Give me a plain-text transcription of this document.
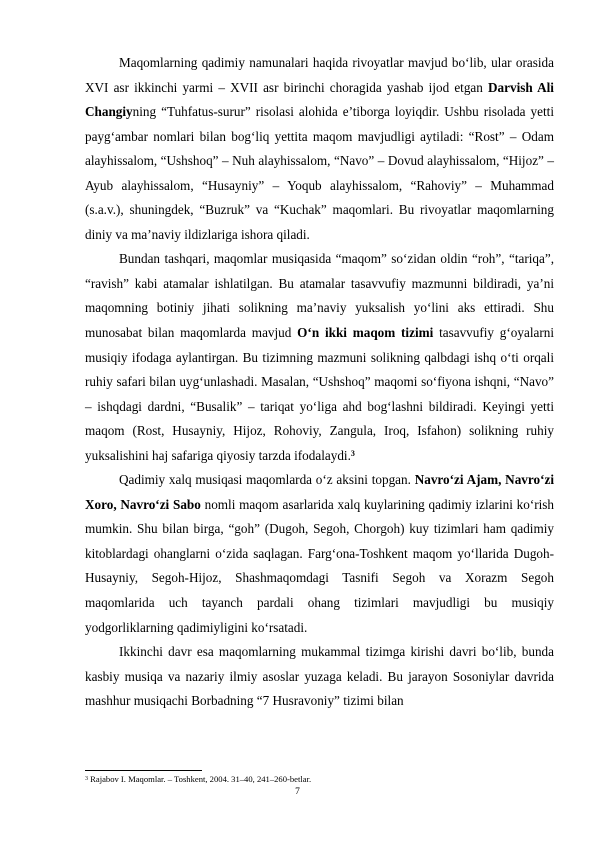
Maqomlarning qadimiy namunalari haqida rivoyatlar mavjud bo‘lib, ular orasida XVI asr ikkinchi yarmi – XVII asr birinchi choragida yashab ijod etgan Darvish Ali Changiyning “Tuhfatus-surur” risolasi alohida e’tiborga loyiqdir. Ushbu risolada yetti payg‘ambar nomlari bilan bog‘liq yettita maqom mavjudligi aytiladi: “Rost” – Odam alayhissalom, “Ushshoq” – Nuh alayhissalom, “Navo” – Dovud alayhissalom, “Hijoz” – Ayub alayhissalom, “Husayniy” – Yoqub alayhissalom, “Rahoviy” – Muhammad (s.a.v.), shuningdek, “Buzruk” va “Kuchak” maqomlari. Bu rivoyatlar maqomlarning diniy va ma’naviy ildizlariga ishora qiladi.

Bundan tashqari, maqomlar musiqasida “maqom” so‘zidan oldin “roh”, “tariqa”, “ravish” kabi atamalar ishlatilgan. Bu atamalar tasavvufiy mazmunni bildiradi, ya’ni maqomning botiniy jihati solikning ma’naviy yuksalish yo‘lini aks ettiradi. Shu munosabat bilan maqomlarda mavjud O‘n ikki maqom tizimi tasavvufiy g‘oyalarni musiqiy ifodaga aylantirgan. Bu tizimning mazmuni solikning qalbdagi ishq o‘ti orqali ruhiy safari bilan uyg‘unlashadi. Masalan, “Ushshoq” maqomi so‘fiyona ishqni, “Navo” – ishqdagi dardni, “Busalik” – tariqat yo‘liga ahd bog‘lashni bildiradi. Keyingi yetti maqom (Rost, Husayniy, Hijoz, Rohoviy, Zangula, Iroq, Isfahon) solikning ruhiy yuksalishini haj safariga qiyosiy tarzda ifodalaydi.$^3$

Qadimiy xalq musiqasi maqomlarda o‘z aksini topgan. Navro‘zi Ajam, Navro‘zi Xoro, Navro‘zi Sabo nomli maqom asarlarida xalq kuylarining qadimiy izlarini ko‘rish mumkin. Shu bilan birga, “goh” (Dugoh, Segoh, Chorgoh) kuy tizimlari ham qadimiy kitoblardagi ohanglarni o‘zida saqlagan. Farg‘ona-Toshkent maqom yo‘llarida Dugoh-Husayniy, Segoh-Hijoz, Shashmaqomdagi Tasnifi Segoh va Xorazm Segoh maqomlarida uch tayanch pardali ohang tizimlari mavjudligi bu musiqiy yodgorliklarning qadimiyligini ko‘rsatadi.

Ikkinchi davr esa maqomlarning mukammal tizimga kirishi davri bo‘lib, bunda kasbiy musiqa va nazariy ilmiy asoslar yuzaga keladi. Bu jarayon Sosoniylar davrida mashhur musiqachi Borbadning “7 Husravoniy” tizimi bilan

$^3$ Rajabov I. Maqomlar. – Toshkent, 2004. 31–40, 241–260-betlar.
7
